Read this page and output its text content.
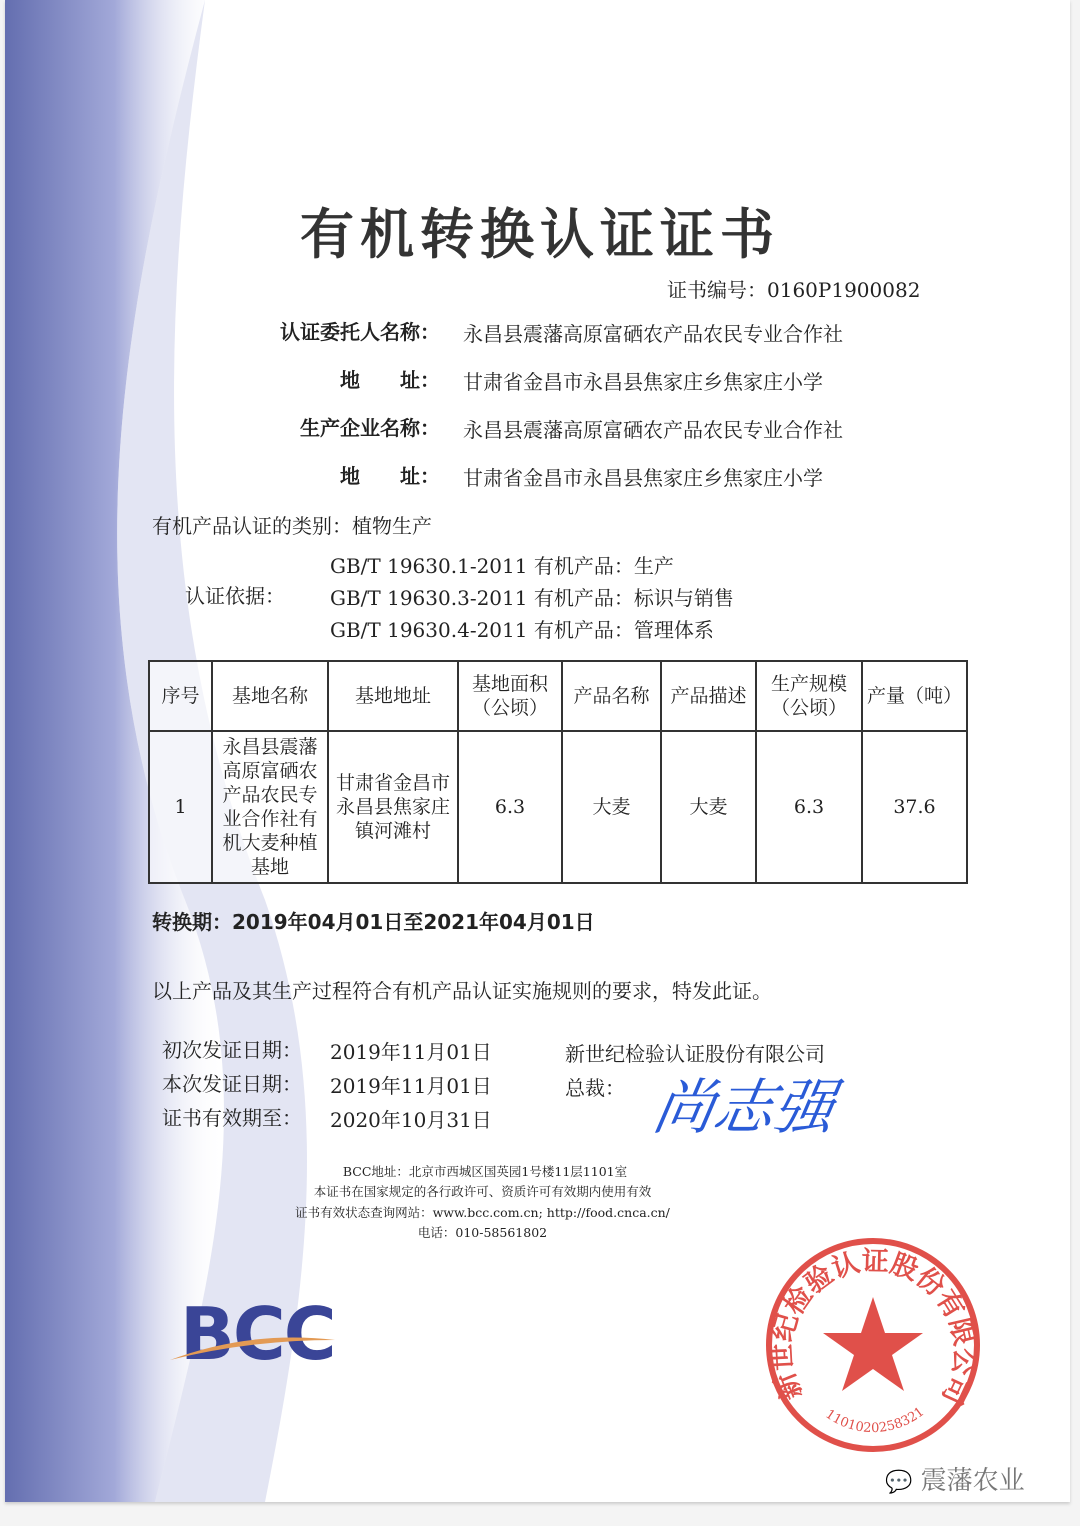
有机转换认证证书
证书编号：0160P1900082
认证委托人名称： 永昌县震藩高原富硒农产品农民专业合作社
地　　址： 甘肃省金昌市永昌县焦家庄乡焦家庄小学
生产企业名称： 永昌县震藩高原富硒农产品农民专业合作社
地　　址： 甘肃省金昌市永昌县焦家庄乡焦家庄小学
有机产品认证的类别：植物生产
认证依据：
GB/T 19630.1-2011 有机产品：生产
GB/T 19630.3-2011 有机产品：标识与销售
GB/T 19630.4-2011 有机产品：管理体系
序号	基地名称	基地地址	基地面积（公顷）	产品名称	产品描述	生产规模（公顷）	产量（吨）
1	永昌县震藩高原富硒农产品农民专业合作社有机大麦种植基地	甘肃省金昌市永昌县焦家庄镇河滩村	6.3	大麦	大麦	6.3	37.6
转换期：2019年04月01日至2021年04月01日
以上产品及其生产过程符合有机产品认证实施规则的要求，特发此证。
初次发证日期： 2019年11月01日
本次发证日期： 2019年11月01日
证书有效期至： 2020年10月31日
新世纪检验认证股份有限公司
总裁： 尚志强
BCC地址：北京市西城区国英园1号楼11层1101室
本证书在国家规定的各行政许可、资质许可有效期内使用有效
证书有效状态查询网站：www.bcc.com.cn; http://food.cnca.cn/
电话：010-58561802
BCC
新世纪检验认证股份有限公司
1101020258321
💬 震藩农业
